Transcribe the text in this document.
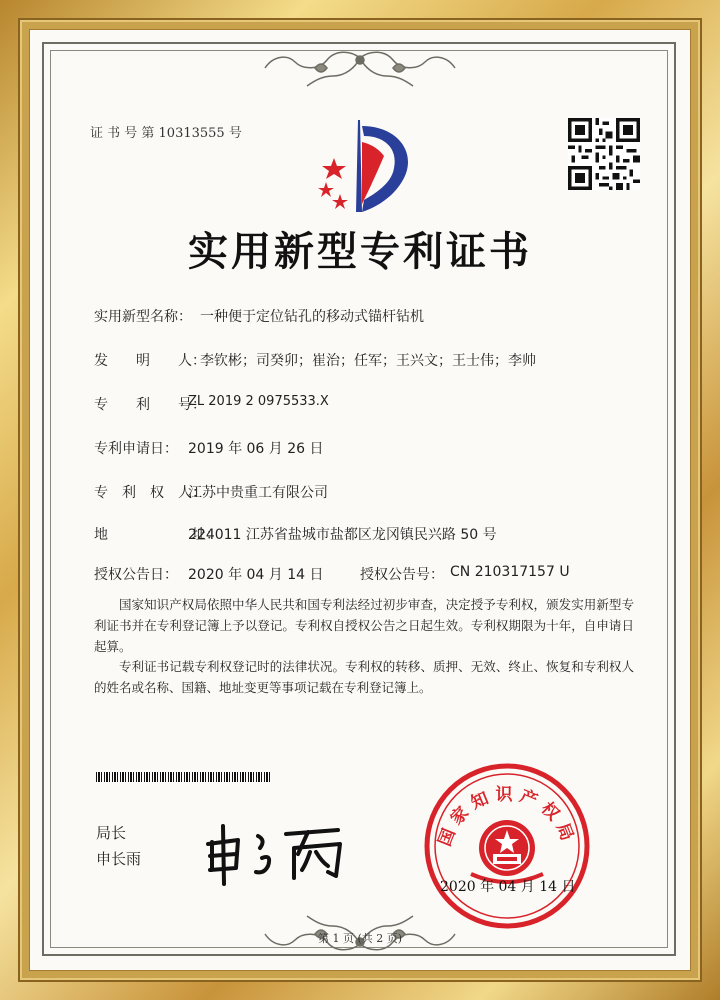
证 书 号 第 10313555 号
实用新型专利证书
实用新型名称： 一种便于定位钻孔的移动式锚杆钻机
发　　明　　人：
李钦彬；司癸卯；崔治；任军；王兴文；王士伟；李帅
专　　利　　号：
ZL 2019 2 0975533.X
专利申请日： 2019 年 06 月 26 日
专　利　权　人：
江苏中贵重工有限公司
地　　　　　　址：
224011 江苏省盐城市盐都区龙冈镇民兴路 50 号
授权公告日： 2020 年 04 月 14 日	授权公告号： CN 210317157 U
国家知识产权局依照中华人民共和国专利法经过初步审查，决定授予专利权，颁发实用新型专利证书并在专利登记簿上予以登记。专利权自授权公告之日起生效。专利权期限为十年，自申请日起算。
专利证书记载专利权登记时的法律状况。专利权的转移、质押、无效、终止、恢复和专利权人的姓名或名称、国籍、地址变更等事项记载在专利登记簿上。
局长
申长雨
国家知识产权局
2020 年 04 月 14 日
第 1 页 (共 2 页)
